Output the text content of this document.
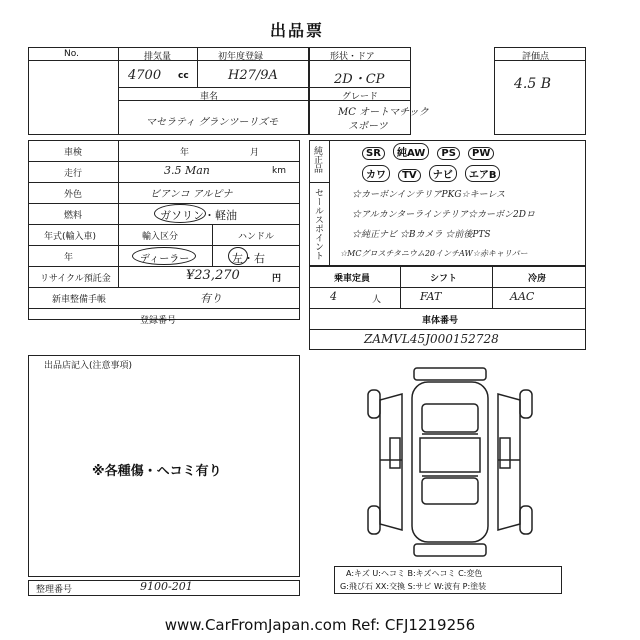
出品票
No.	排気量
4700 cc
初年度登録
H27/9A
車名
マセラティ グランツーリズモ
形状・ドア
2D・CP
グレード
MC オートマチック
スポーツ
評価点
4.5 B
車検	年	月
走行	3.5 Man	km
外色	ビアンコ アルピナ
燃料	ガソリン・軽油
年式(輸入車)	輸入区分	ハンドル
年	ディーラー	左・右
リサイクル預託金	¥23,270	円
新車整備手帳	有り
登録番号
純正品
セールスポイント
SR 純AW PS PW
カワ TV ナビ エアB
☆カーボンインテリアPKG☆キーレス
☆アルカンターラインテリア☆カーボン2Dロ
☆純正ナビ ☆Bカメラ ☆前後PTS
☆MCグロスチタニウム20インチAW☆赤キャリパー
乗車定員	シフト	冷房
4	人	FAT	AAC
車体番号
ZAMVL45J000152728
出品店記入(注意事項)
※各種傷・ヘコミ有り
整理番号	9100-201
A:キズ U:ヘコミ B:キズヘコミ C:変色
G:飛び石 XX:交換 S:サビ W:波有 P:塗装
www.CarFromJapan.com Ref: CFJ1219256
